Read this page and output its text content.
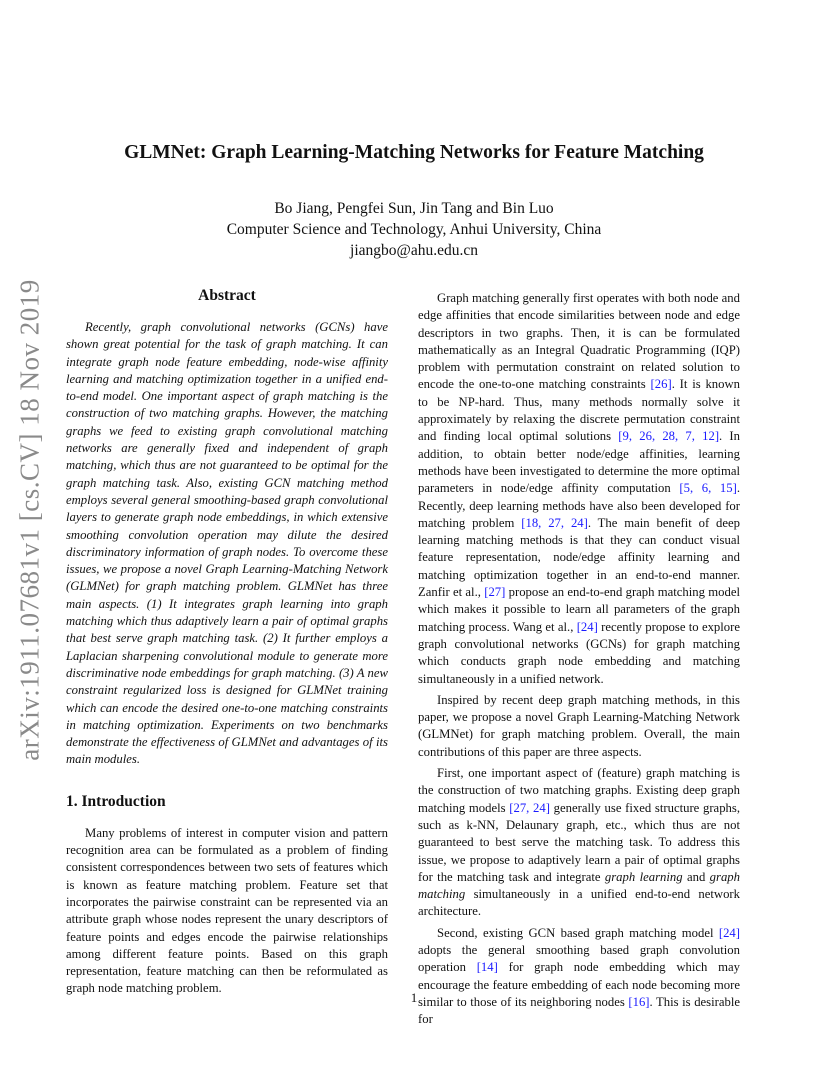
arXiv:1911.07681v1 [cs.CV] 18 Nov 2019
GLMNet: Graph Learning-Matching Networks for Feature Matching
Bo Jiang, Pengfei Sun, Jin Tang and Bin Luo
Computer Science and Technology, Anhui University, China
jiangbo@ahu.edu.cn
Abstract

Recently, graph convolutional networks (GCNs) have shown great potential for the task of graph matching. It can integrate graph node feature embedding, node-wise affinity learning and matching optimization together in a unified end-to-end model. One important aspect of graph matching is the construction of two matching graphs. However, the matching graphs we feed to existing graph convolutional matching networks are generally fixed and independent of graph matching, which thus are not guaranteed to be optimal for the graph matching task. Also, existing GCN matching method employs several general smoothing-based graph convolutional layers to generate graph node embeddings, in which extensive smoothing convolution operation may dilute the desired discriminatory information of graph nodes. To overcome these issues, we propose a novel Graph Learning-Matching Network (GLMNet) for graph matching problem. GLMNet has three main aspects. (1) It integrates graph learning into graph matching which thus adaptively learn a pair of optimal graphs that best serve graph matching task. (2) It further employs a Laplacian sharpening convolutional module to generate more discriminative node embeddings for graph matching. (3) A new constraint regularized loss is designed for GLMNet training which can encode the desired one-to-one matching constraints in matching optimization. Experiments on two benchmarks demonstrate the effectiveness of GLMNet and advantages of its main modules.

1. Introduction

Many problems of interest in computer vision and pattern recognition area can be formulated as a problem of finding consistent correspondences between two sets of features which is known as feature matching problem. Feature set that incorporates the pairwise constraint can be represented via an attribute graph whose nodes represent the unary descriptors of feature points and edges encode the pairwise relationships among different feature points. Based on this graph representation, feature matching can then be reformulated as graph node matching problem.

Graph matching generally first operates with both node and edge affinities that encode similarities between node and edge descriptors in two graphs. Then, it is can be formulated mathematically as an Integral Quadratic Programming (IQP) problem with permutation constraint on related solution to encode the one-to-one matching constraints [26]. It is known to be NP-hard. Thus, many methods normally solve it approximately by relaxing the discrete permutation constraint and finding local optimal solutions [9, 26, 28, 7, 12]. In addition, to obtain better node/edge affinities, learning methods have been investigated to determine the more optimal parameters in node/edge affinity computation [5, 6, 15]. Recently, deep learning methods have also been developed for matching problem [18, 27, 24]. The main benefit of deep learning matching methods is that they can conduct visual feature representation, node/edge affinity learning and matching optimization together in an end-to-end manner. Zanfir et al., [27] propose an end-to-end graph matching model which makes it possible to learn all parameters of the graph matching process. Wang et al., [24] recently propose to explore graph convolutional networks (GCNs) for graph matching which conducts graph node embedding and matching simultaneously in a unified network.

Inspired by recent deep graph matching methods, in this paper, we propose a novel Graph Learning-Matching Network (GLMNet) for graph matching problem. Overall, the main contributions of this paper are three aspects.

First, one important aspect of (feature) graph matching is the construction of two matching graphs. Existing deep graph matching models [27, 24] generally use fixed structure graphs, such as k-NN, Delaunary graph, etc., which thus are not guaranteed to best serve the matching task. To address this issue, we propose to adaptively learn a pair of optimal graphs for the matching task and integrate graph learning and graph matching simultaneously in a unified end-to-end network architecture.

Second, existing GCN based graph matching model [24] adopts the general smoothing based graph convolution operation [14] for graph node embedding which may encourage the feature embedding of each node becoming more similar to those of its neighboring nodes [16]. This is desirable for

1
